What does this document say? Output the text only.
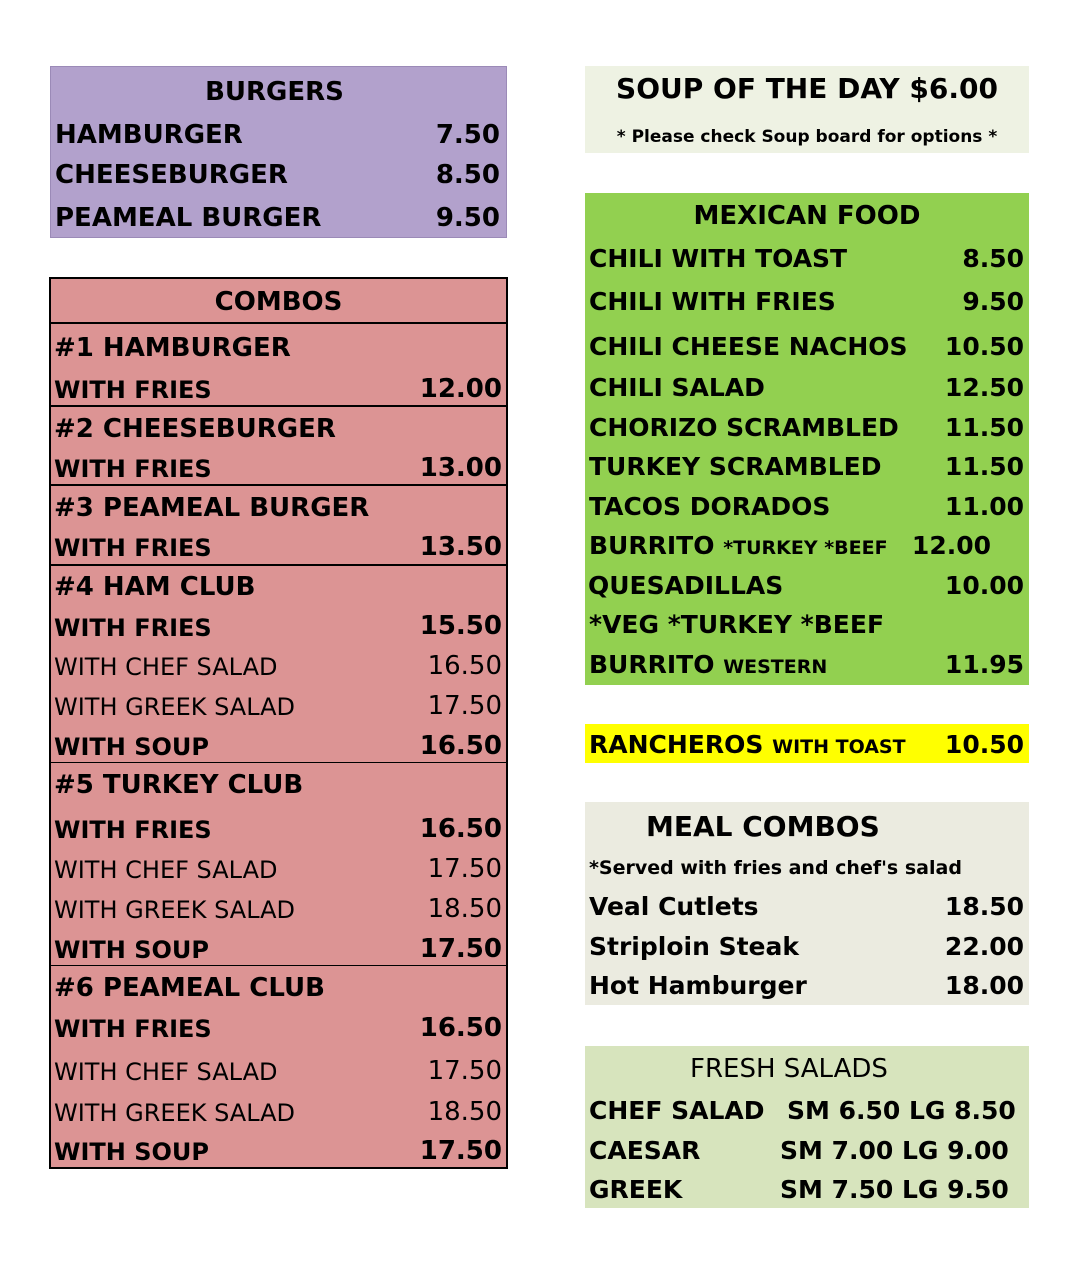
BURGERS
HAMBURGER	7.50
CHEESEBURGER	8.50
PEAMEAL BURGER	9.50
COMBOS
#1 HAMBURGER
WITH FRIES	12.00
#2 CHEESEBURGER
WITH FRIES	13.00
#3 PEAMEAL BURGER
WITH FRIES	13.50
#4 HAM CLUB
WITH FRIES	15.50
WITH CHEF SALAD	16.50
WITH GREEK SALAD	17.50
WITH SOUP	16.50
#5 TURKEY CLUB
WITH FRIES	16.50
WITH CHEF SALAD	17.50
WITH GREEK SALAD	18.50
WITH SOUP	17.50
#6 PEAMEAL CLUB
WITH FRIES	16.50
WITH CHEF SALAD	17.50
WITH GREEK SALAD	18.50
WITH SOUP	17.50
SOUP OF THE DAY $6.00
* Please check Soup board for options *
MEXICAN FOOD
CHILI WITH TOAST	8.50
CHILI WITH FRIES	9.50
CHILI CHEESE NACHOS 10.50
CHILI SALAD	12.50
CHORIZO SCRAMBLED 11.50
TURKEY SCRAMBLED	11.50
TACOS DORADOS	11.00
BURRITO *TURKEY *BEEF 12.00
QUESADILLAS	10.00
*VEG *TURKEY *BEEF
BURRITO WESTERN	11.95
RANCHEROS WITH TOAST 10.50
MEAL COMBOS
*Served with fries and chef's salad
Veal Cutlets	18.50
Striploin Steak	22.00
Hot Hamburger	18.00
FRESH SALADS
CHEF SALAD SM 6.50 LG 8.50
CAESAR	SM 7.00 LG 9.00
GREEK	SM 7.50 LG 9.50
